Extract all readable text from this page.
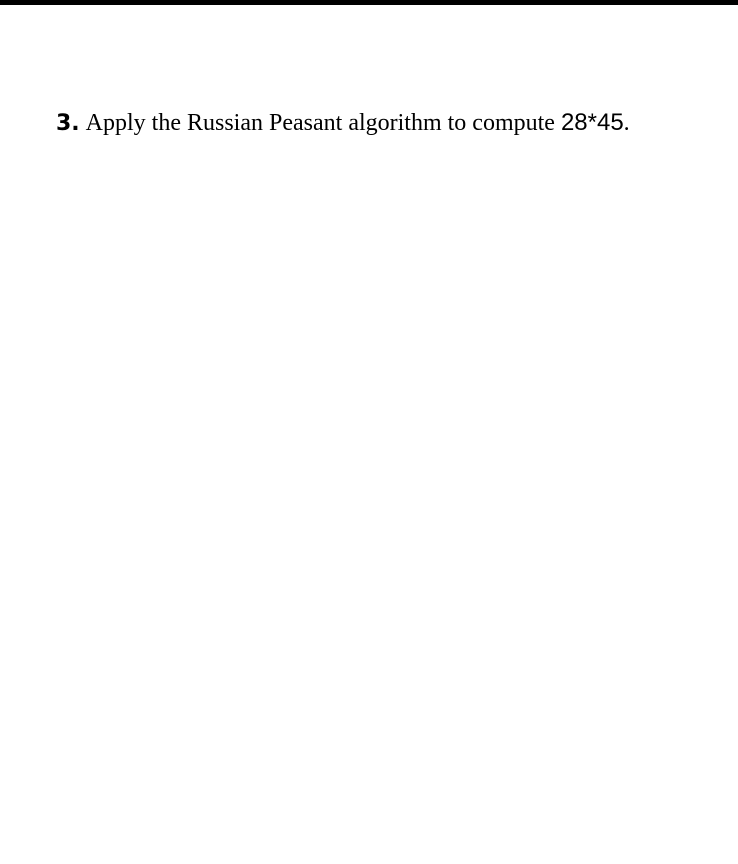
3. Apply the Russian Peasant algorithm to compute 28*45.
